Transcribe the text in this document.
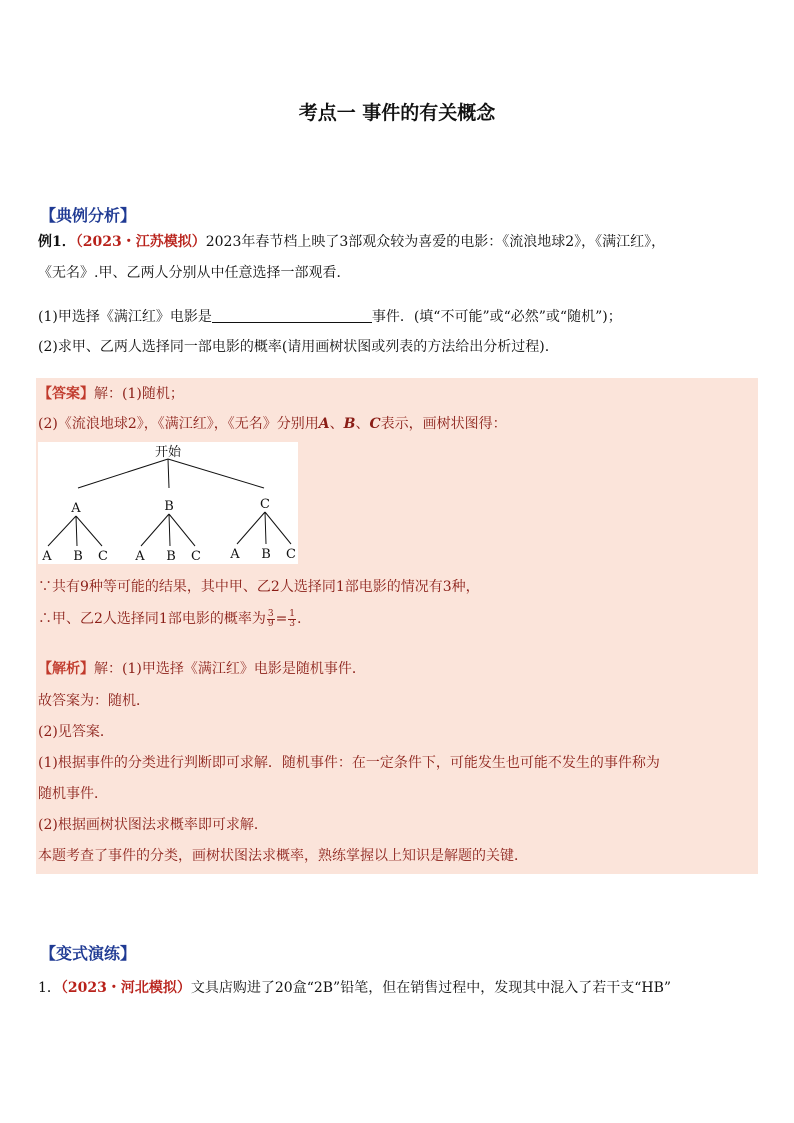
考点一 事件的有关概念
【典例分析】
例1．（2023・江苏模拟）2023年春节档上映了3部观众较为喜爱的电影：《流浪地球2》，《满江红》，
《无名》.甲、乙两人分别从中任意选择一部观看．
(1)甲选择《满江红》电影是	事件．(填“不可能”或“必然”或“随机”)；
(2)求甲、乙两人选择同一部电影的概率(请用画树状图或列表的方法给出分析过程).
【答案】解：(1)随机；
(2)《流浪地球2》，《满江红》，《无名》分别用A、B、C表示，画树状图得：
开始
A	B	C
A B C A B C A B C
∵共有9种等可能的结果，其中甲、乙2人选择同1部电影的情况有3种，
∴甲、乙2人选择同1部电影的概率为 $\frac{3}{9} = \frac{1}{3}$ .
【解析】解：(1)甲选择《满江红》电影是随机事件．
故答案为：随机．
(2)见答案．
(1)根据事件的分类进行判断即可求解．随机事件：在一定条件下，可能发生也可能不发生的事件称为
随机事件．
(2)根据画树状图法求概率即可求解．
本题考查了事件的分类，画树状图法求概率，熟练掌握以上知识是解题的关键．
【变式演练】
1．（2023・河北模拟）文具店购进了20盒“2B”铅笔，但在销售过程中，发现其中混入了若干支“HB”
